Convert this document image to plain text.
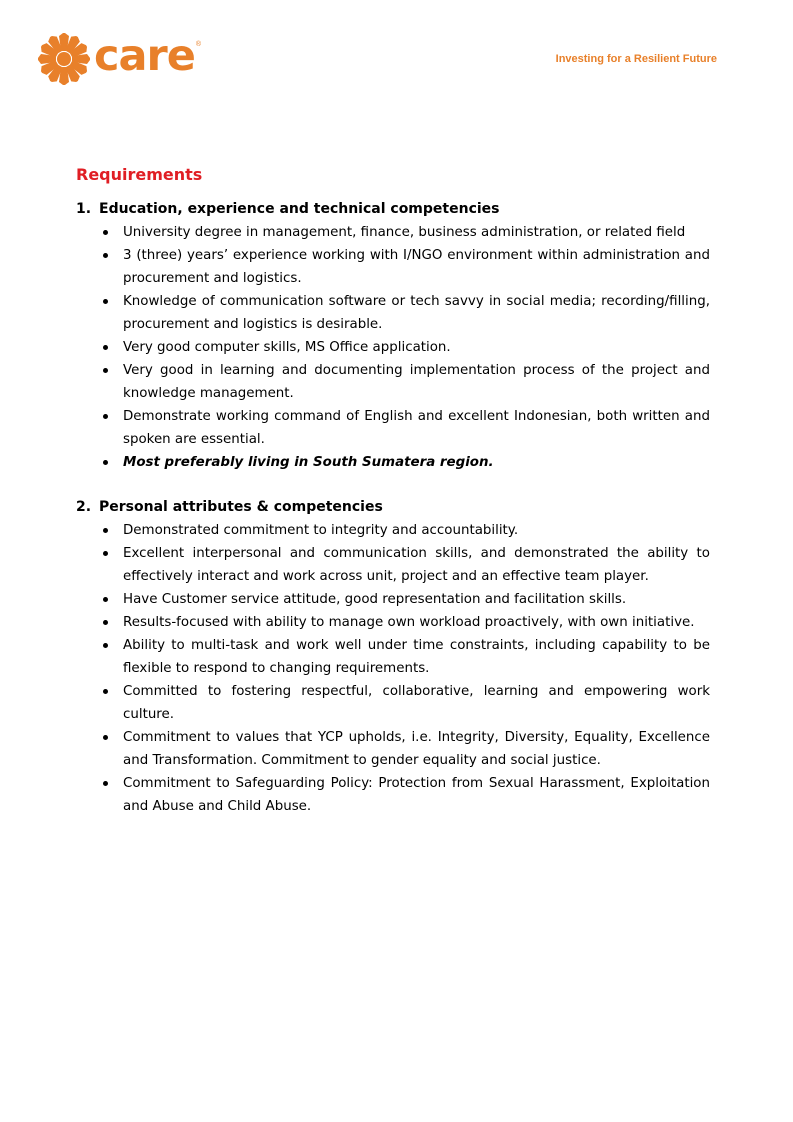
care ®
Investing for a Resilient Future
Requirements
1. Education, experience and technical competencies
University degree in management, finance, business administration, or related field
3 (three) years’ experience working with I/NGO environment within administration and procurement and logistics.
Knowledge of communication software or tech savvy in social media; recording/filling, procurement and logistics is desirable.
Very good computer skills, MS Office application.
Very good in learning and documenting implementation process of the project and knowledge management.
Demonstrate working command of English and excellent Indonesian, both written and spoken are essential.
Most preferably living in South Sumatera region.
2. Personal attributes & competencies
Demonstrated commitment to integrity and accountability.
Excellent interpersonal and communication skills, and demonstrated the ability to effectively interact and work across unit, project and an effective team player.
Have Customer service attitude, good representation and facilitation skills.
Results-focused with ability to manage own workload proactively, with own initiative.
Ability to multi-task and work well under time constraints, including capability to be flexible to respond to changing requirements.
Committed to fostering respectful, collaborative, learning and empowering work culture.
Commitment to values that YCP upholds, i.e. Integrity, Diversity, Equality, Excellence and Transformation. Commitment to gender equality and social justice.
Commitment to Safeguarding Policy: Protection from Sexual Harassment, Exploitation and Abuse and Child Abuse.
